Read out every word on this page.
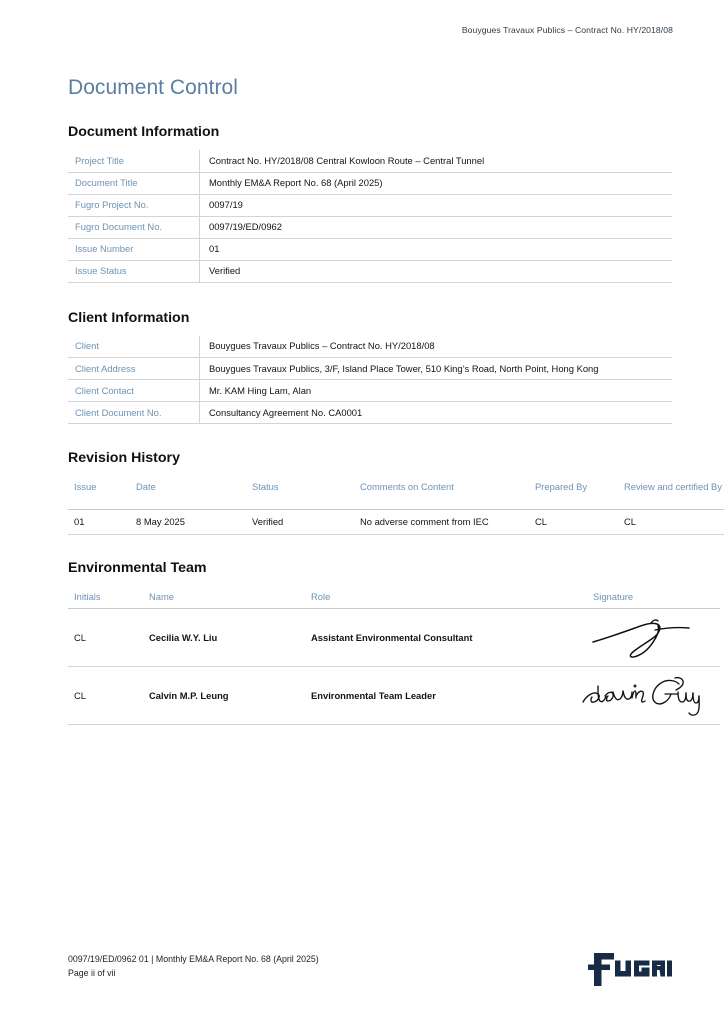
Bouygues Travaux Publics – Contract No. HY/2018/08
Document Control
Document Information
Project Title	Contract No. HY/2018/08 Central Kowloon Route – Central Tunnel
Document Title	Monthly EM&A Report No. 68 (April 2025)
Fugro Project No.	0097/19
Fugro Document No.	0097/19/ED/0962
Issue Number	01
Issue Status	Verified
Client Information
Client	Bouygues Travaux Publics – Contract No. HY/2018/08
Client Address	Bouygues Travaux Publics, 3/F, Island Place Tower, 510 King’s Road, North Point, Hong Kong
Client Contact	Mr. KAM Hing Lam, Alan
Client Document No.	Consultancy Agreement No. CA0001
Revision History
Issue	Date	Status	Comments on Content	Prepared By	Review and certified By
01	8 May 2025	Verified	No adverse comment from IEC	CL	CL
Environmental Team
Initials	Name	Role	Signature
CL	Cecilia W.Y. Liu	Assistant Environmental Consultant	

CL	Calvin M.P. Leung	Environmental Team Leader	
0097/19/ED/0962 01 | Monthly EM&A Report No. 68 (April 2025)
Page ii of vii
